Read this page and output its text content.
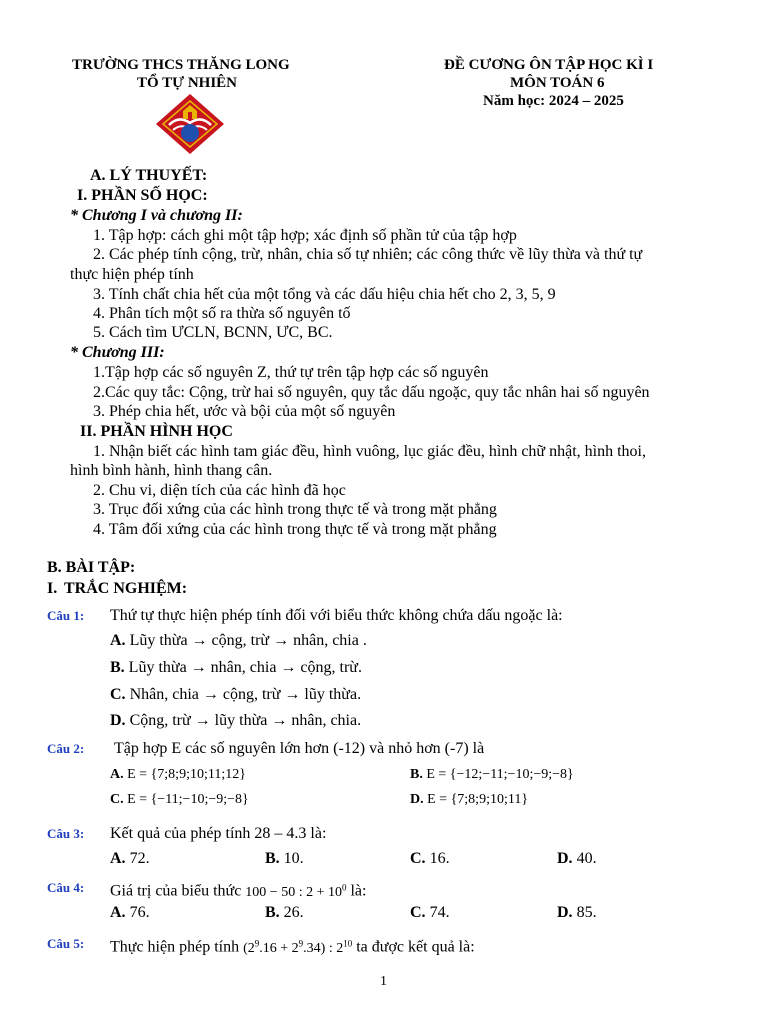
TRƯỜNG THCS THĂNG LONG
TỔ TỰ NHIÊN
ĐỀ CƯƠNG ÔN TẬP HỌC KÌ I
MÔN TOÁN 6
Năm học: 2024 – 2025
A. LÝ THUYẾT:
I. PHẦN SỐ HỌC:
* Chương I và chương II:
1. Tập hợp: cách ghi một tập hợp; xác định số phần tử của tập hợp
2. Các phép tính cộng, trừ, nhân, chia số tự nhiên; các công thức về lũy thừa và thứ tự
thực hiện phép tính
3. Tính chất chia hết của một tổng và các dấu hiệu chia hết cho 2, 3, 5, 9
4. Phân tích một số ra thừa số nguyên tố
5. Cách tìm ƯCLN, BCNN, ƯC, BC.
* Chương III:
1.Tập hợp các số nguyên Z, thứ tự trên tập hợp các số nguyên
2.Các quy tắc: Cộng, trừ hai số nguyên, quy tắc dấu ngoặc, quy tắc nhân hai số nguyên
3. Phép chia hết, ước và bội của một số nguyên
II. PHẦN HÌNH HỌC
1. Nhận biết các hình tam giác đều, hình vuông, lục giác đều, hình chữ nhật, hình thoi,
hình bình hành, hình thang cân.
2. Chu vi, diện tích của các hình đã học
3. Trục đối xứng của các hình trong thực tế và trong mặt phẳng
4. Tâm đối xứng của các hình trong thực tế và trong mặt phẳng
B. BÀI TẬP:
I. TRẮC NGHIỆM:
Câu 1: Thứ tự thực hiện phép tính đối với biểu thức không chứa dấu ngoặc là:
A. Lũy thừa → cộng, trừ → nhân, chia .
B. Lũy thừa → nhân, chia → cộng, trừ.
C. Nhân, chia → cộng, trừ → lũy thừa.
D. Cộng, trừ → lũy thừa → nhân, chia.
Câu 2: Tập hợp E các số nguyên lớn hơn (-12) và nhỏ hơn (-7) là
A. E = {7;8;9;10;11;12}	B. E = {−12;−11;−10;−9;−8}
C. E = {−11;−10;−9;−8}	D. E = {7;8;9;10;11}
Câu 3: Kết quả của phép tính 28 – 4.3 là:
A. 72.	B. 10.	C. 16.	D. 40.
Câu 4: Giá trị của biểu thức 100 − 50 : $2 + 10^0$ là:
A. 76.	B. 26.	C. 74.	D. 85.
Câu 5: Thực hiện phép tính $(2^9.16 + 2^9.34)$ : $2^{10}$ ta được kết quả là:
1
